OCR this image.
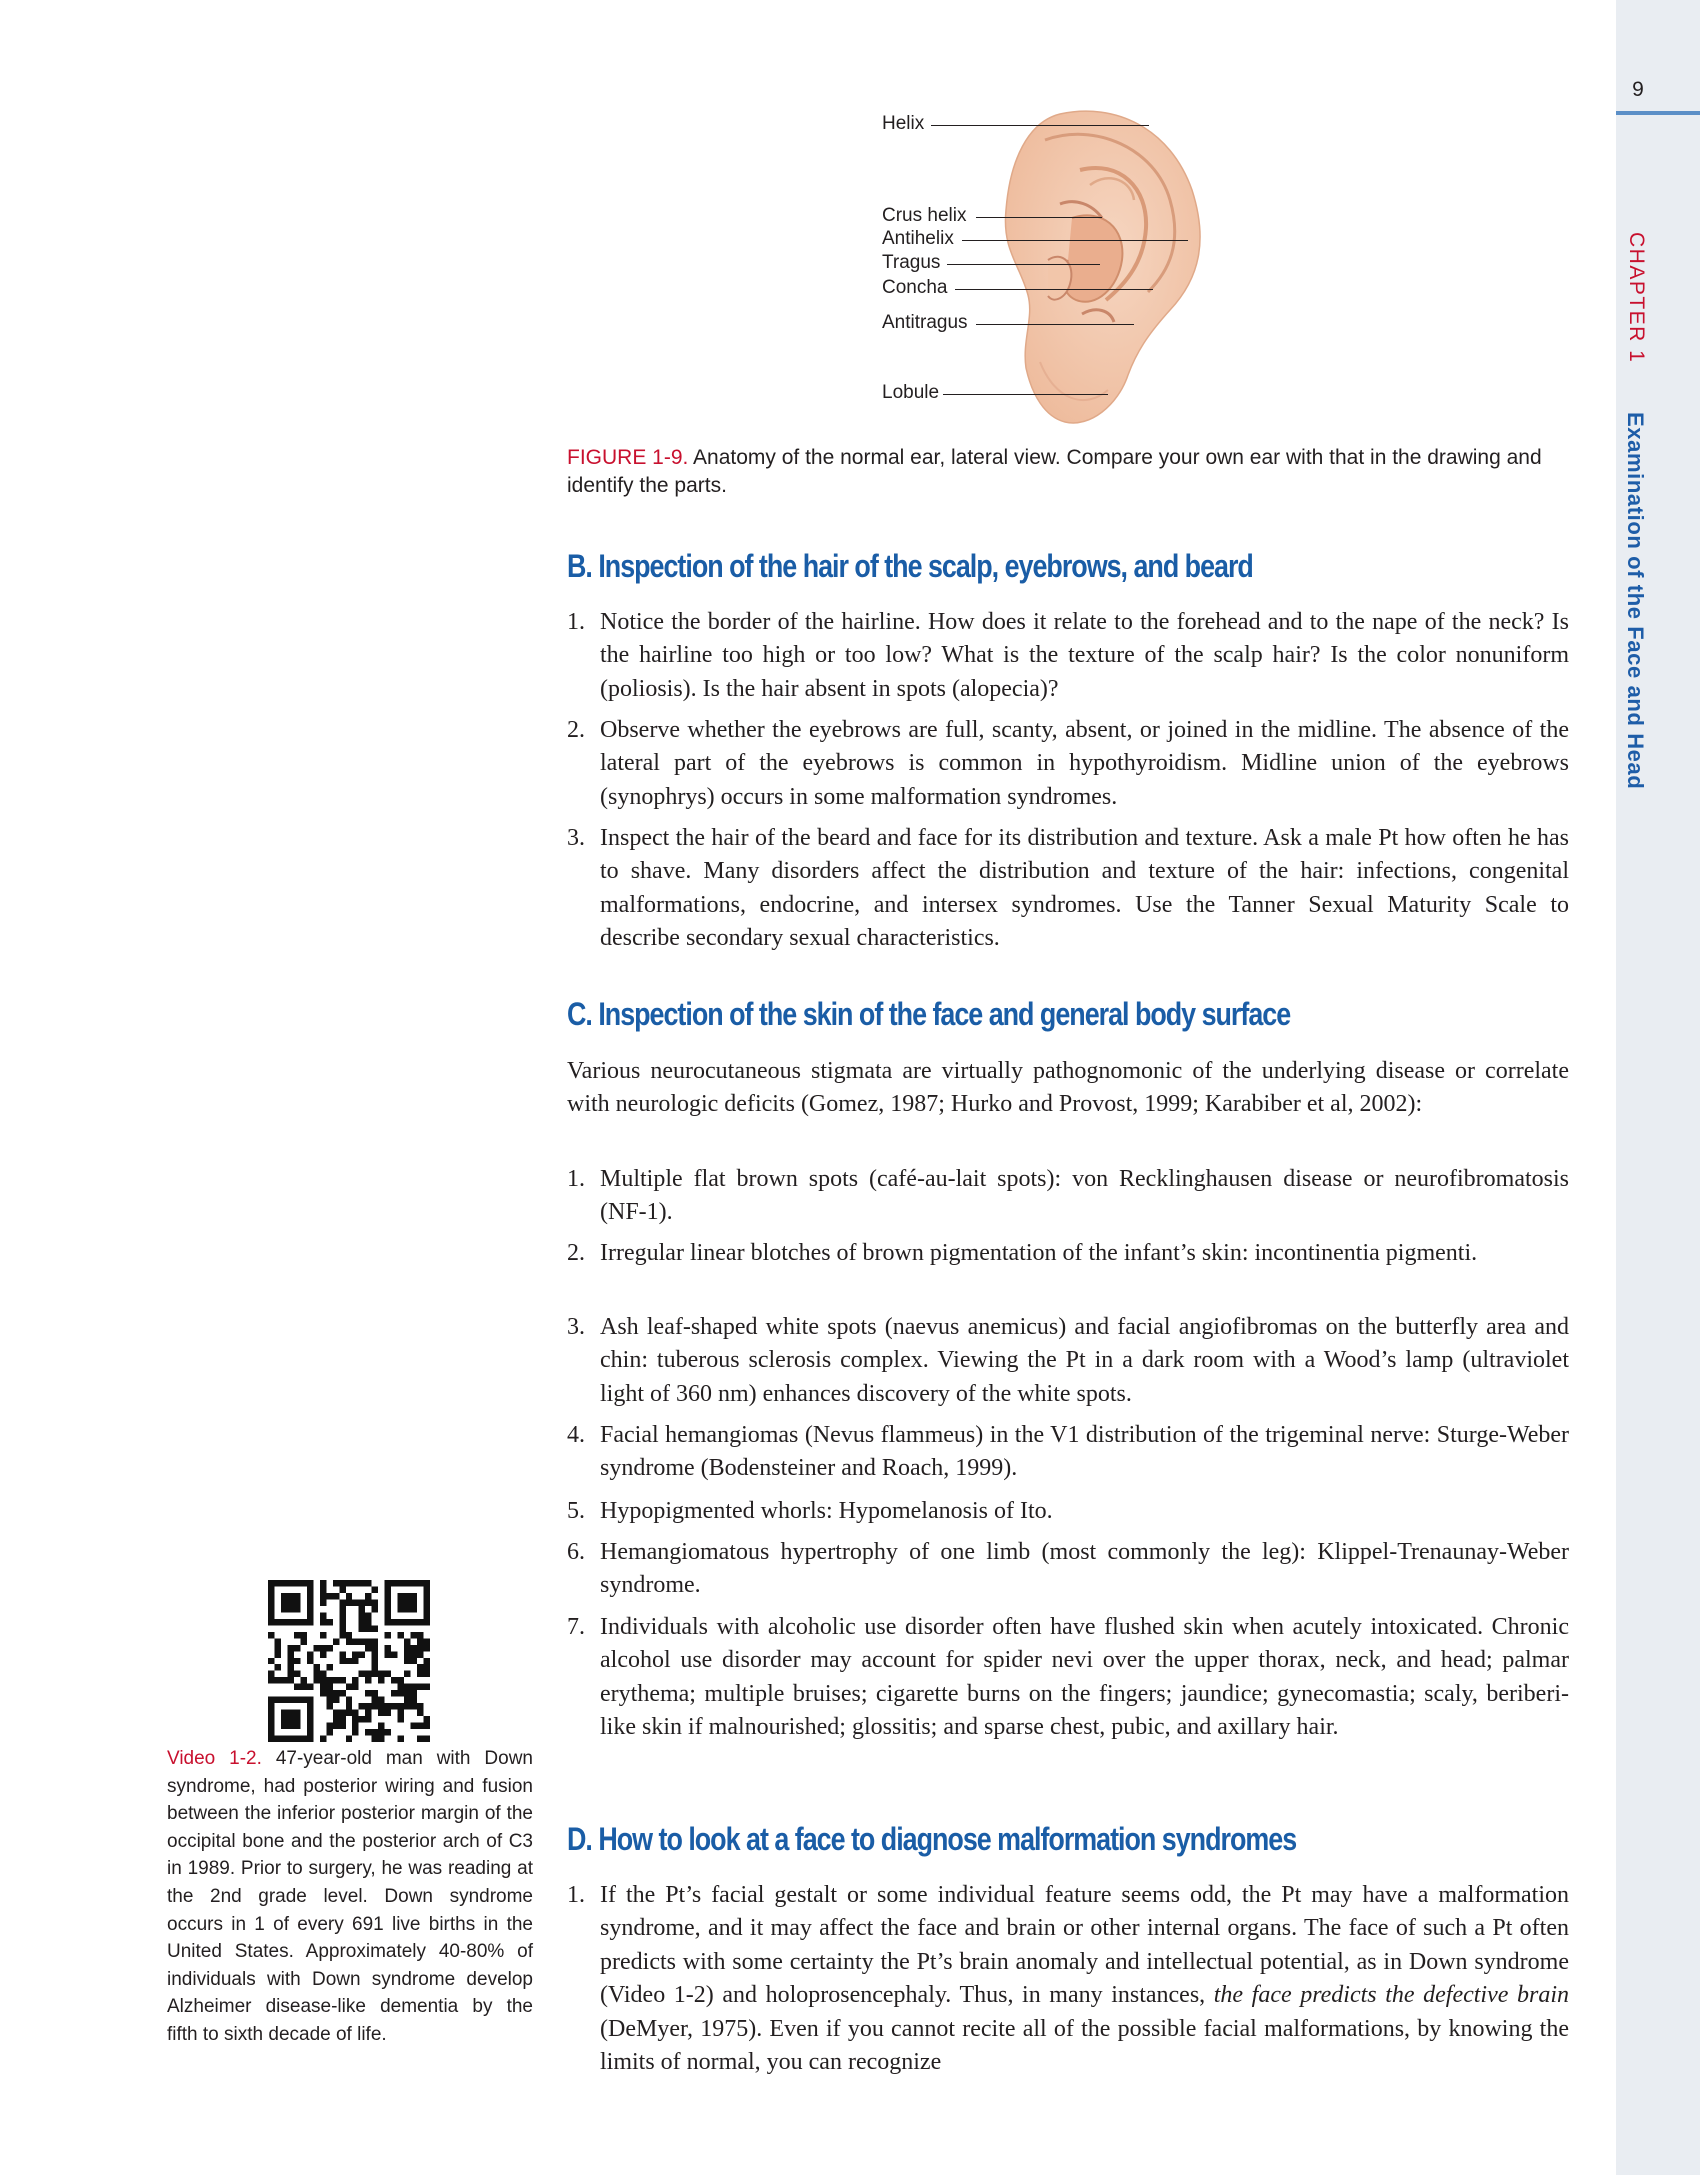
9
CHAPTER 1
Examination of the Face and Head
Helix
Crus helix
Antihelix
Tragus
Concha
Antitragus
Lobule
FIGURE 1-9. Anatomy of the normal ear, lateral view. Compare your own ear with that in the drawing and identify the parts.
B. Inspection of the hair of the scalp, eyebrows, and beard
1. Notice the border of the hairline. How does it relate to the forehead and to the nape of the neck? Is the hairline too high or too low? What is the texture of the scalp hair? Is the color nonuniform (poliosis). Is the hair absent in spots (alopecia)?
2. Observe whether the eyebrows are full, scanty, absent, or joined in the midline. The absence of the lateral part of the eyebrows is common in hypothyroidism. Midline union of the eyebrows (synophrys) occurs in some malformation syndromes.
3. Inspect the hair of the beard and face for its distribution and texture. Ask a male Pt how often he has to shave. Many disorders affect the distribution and texture of the hair: infections, congenital malformations, endocrine, and intersex syndromes. Use the Tanner Sexual Maturity Scale to describe secondary sexual characteristics.
C. Inspection of the skin of the face and general body surface
Various neurocutaneous stigmata are virtually pathognomonic of the underlying disease or correlate with neurologic deficits (Gomez, 1987; Hurko and Provost, 1999; Karabiber et al, 2002):
1. Multiple flat brown spots (café-au-lait spots): von Recklinghausen disease or neurofibromatosis (NF-1).
2. Irregular linear blotches of brown pigmentation of the infant’s skin: incontinentia pigmenti.
3. Ash leaf-shaped white spots (naevus anemicus) and facial angiofibromas on the butterfly area and chin: tuberous sclerosis complex. Viewing the Pt in a dark room with a Wood’s lamp (ultraviolet light of 360 nm) enhances discovery of the white spots.
4. Facial hemangiomas (Nevus flammeus) in the V1 distribution of the trigeminal nerve: Sturge-Weber syndrome (Bodensteiner and Roach, 1999).
5. Hypopigmented whorls: Hypomelanosis of Ito.
6. Hemangiomatous hypertrophy of one limb (most commonly the leg): Klippel-Trenaunay-Weber syndrome.
7. Individuals with alcoholic use disorder often have flushed skin when acutely intoxicated. Chronic alcohol use disorder may account for spider nevi over the upper thorax, neck, and head; palmar erythema; multiple bruises; cigarette burns on the fingers; jaundice; gynecomastia; scaly, beriberi-like skin if malnourished; glossitis; and sparse chest, pubic, and axillary hair.
D. How to look at a face to diagnose malformation syndromes
1. If the Pt’s facial gestalt or some individual feature seems odd, the Pt may have a malformation syndrome, and it may affect the face and brain or other internal organs. The face of such a Pt often predicts with some certainty the Pt’s brain anomaly and intellectual potential, as in Down syndrome (Video 1-2) and holoprosencephaly. Thus, in many instances, the face predicts the defective brain (DeMyer, 1975). Even if you cannot recite all of the possible facial malformations, by knowing the limits of normal, you can recognize
Video 1-2. 47-year-old man with Down syndrome, had posterior wiring and fusion between the inferior posterior margin of the occipital bone and the posterior arch of C3 in 1989. Prior to surgery, he was reading at the 2nd grade level. Down syndrome occurs in 1 of every 691 live births in the United States. Approximately 40-80% of individuals with Down syndrome develop Alzheimer disease-like dementia by the fifth to sixth decade of life.
